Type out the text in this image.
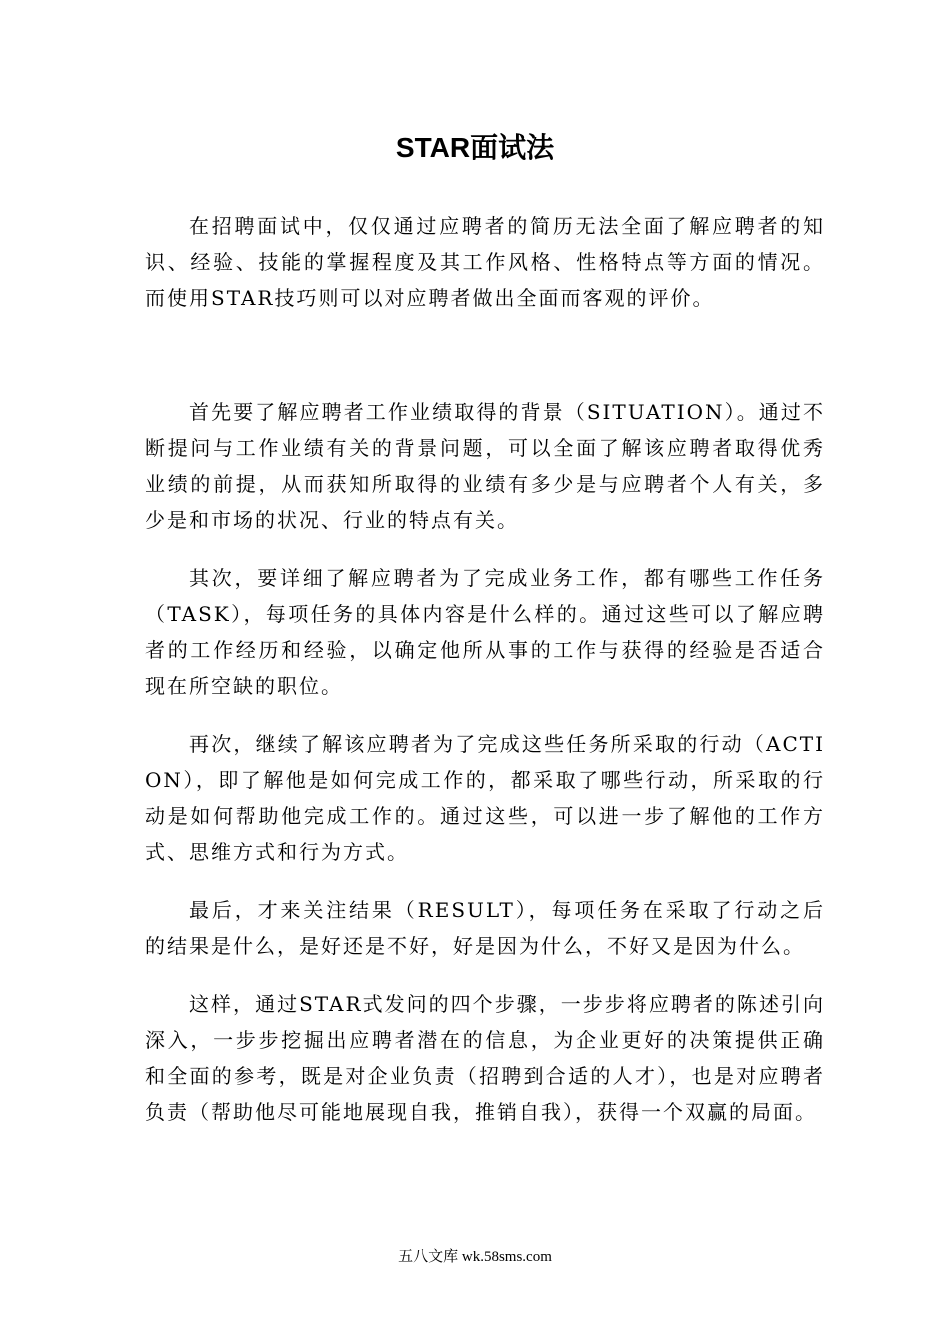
STAR面试法

在招聘面试中，仅仅通过应聘者的简历无法全面了解应聘者的知识、经验、技能的掌握程度及其工作风格、性格特点等方面的情况。而使用STAR技巧则可以对应聘者做出全面而客观的评价。

首先要了解应聘者工作业绩取得的背景（SITUATION）。通过不断提问与工作业绩有关的背景问题，可以全面了解该应聘者取得优秀业绩的前提，从而获知所取得的业绩有多少是与应聘者个人有关，多少是和市场的状况、行业的特点有关。

其次，要详细了解应聘者为了完成业务工作，都有哪些工作任务（TASK），每项任务的具体内容是什么样的。通过这些可以了解应聘者的工作经历和经验，以确定他所从事的工作与获得的经验是否适合现在所空缺的职位。

再次，继续了解该应聘者为了完成这些任务所采取的行动（ACTION），即了解他是如何完成工作的，都采取了哪些行动，所采取的行动是如何帮助他完成工作的。通过这些，可以进一步了解他的工作方式、思维方式和行为方式。

最后，才来关注结果（RESULT），每项任务在采取了行动之后的结果是什么，是好还是不好，好是因为什么，不好又是因为什么。

这样，通过STAR式发问的四个步骤，一步步将应聘者的陈述引向深入，一步步挖掘出应聘者潜在的信息，为企业更好的决策提供正确和全面的参考，既是对企业负责（招聘到合适的人才），也是对应聘者负责（帮助他尽可能地展现自我，推销自我），获得一个双赢的局面。

五八文库 wk.58sms.com
